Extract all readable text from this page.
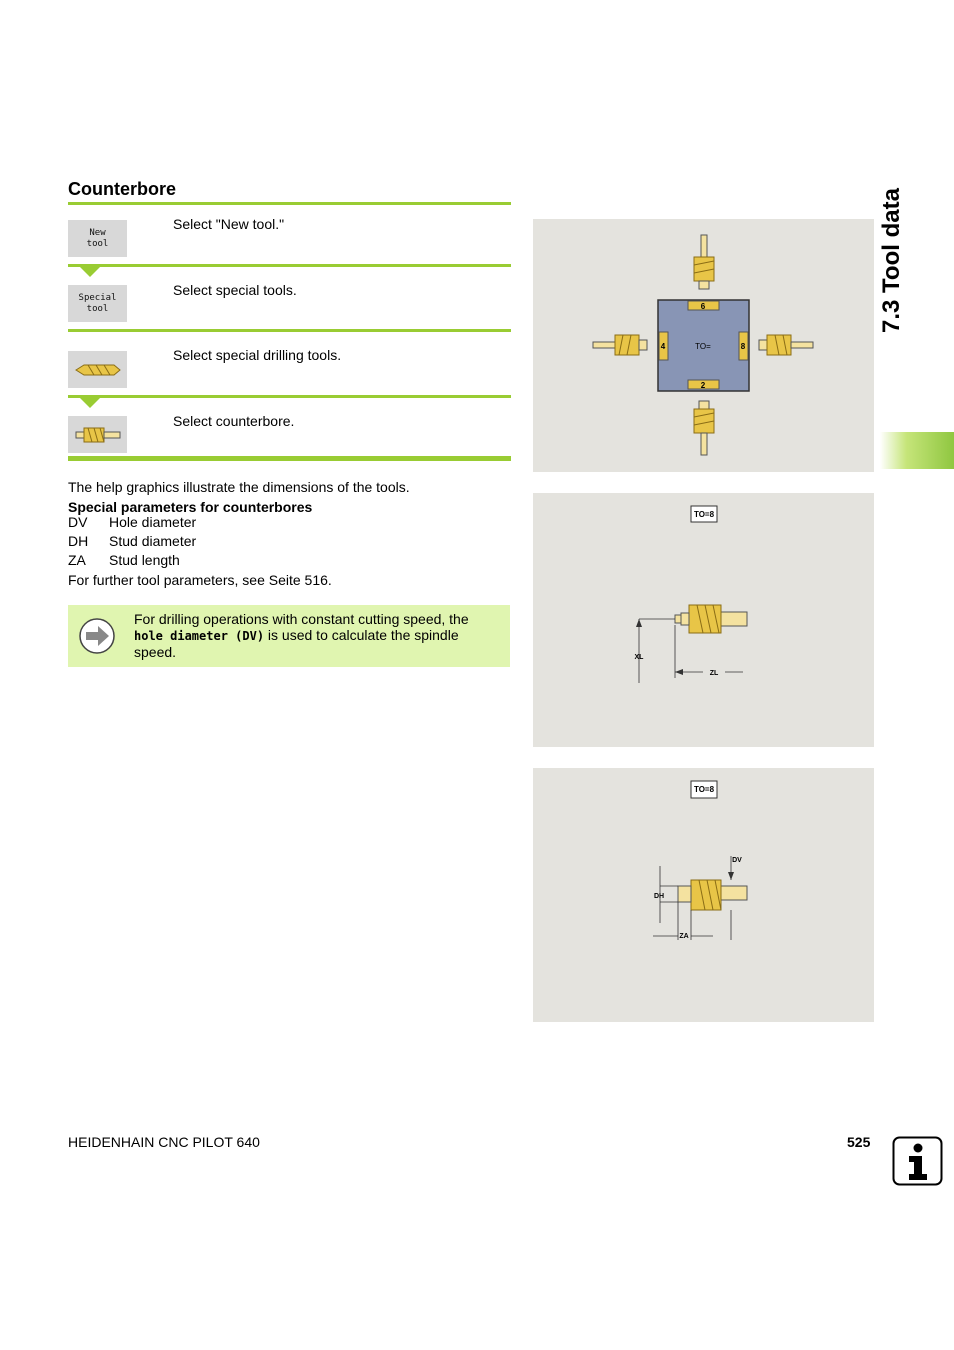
Counterbore
New
tool
Select "New tool."
Special
tool
Select special tools.
Select special drilling tools.
Select counterbore.
The help graphics illustrate the dimensions of the tools.
Special parameters for counterbores
DV Hole diameter
DH Stud diameter
ZA Stud length
For further tool parameters, see Seite 516.
For drilling operations with constant cutting speed, the hole diameter (DV) is used to calculate the spindle speed.
6
2
4	8
TO=
TO=8
XL
ZL
TO=8
DV
DH
ZA
7.3 Tool data
HEIDENHAIN CNC PILOT 640	525
